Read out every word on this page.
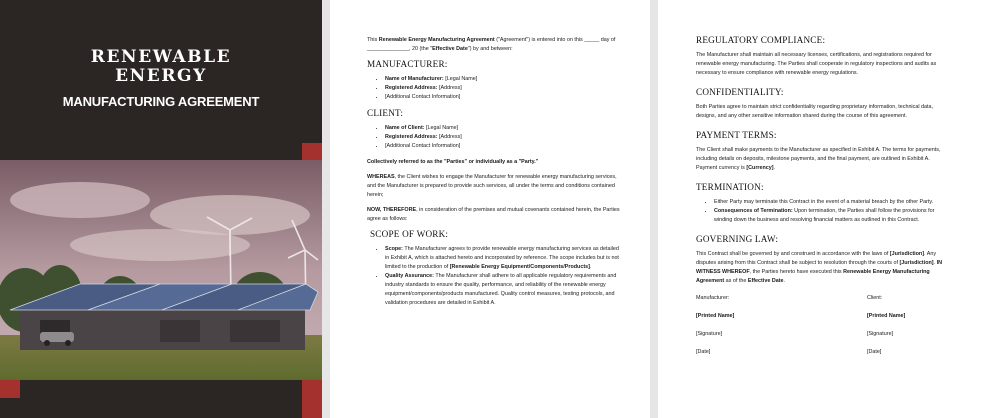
RENEWABLE
ENERGY
MANUFACTURING AGREEMENT

This Renewable Energy Manufacturing Agreement ("Agreement") is entered into on this _____ day of ______________, 20 (the "Effective Date") by and between:

MANUFACTURER:
• Name of Manufacturer: [Legal Name]
• Registered Address: [Address]
• [Additional Contact Information]
CLIENT:
• Name of Client: [Legal Name]
• Registered Address: [Address]
• [Additional Contact Information]

Collectively referred to as the "Parties" or individually as a "Party."

WHEREAS, the Client wishes to engage the Manufacturer for renewable energy manufacturing services, and the Manufacturer is prepared to provide such services, all under the terms and conditions contained herein;

NOW, THEREFORE, in consideration of the premises and mutual covenants contained herein, the Parties agree as follows:

SCOPE OF WORK:
• Scope: The Manufacturer agrees to provide renewable energy manufacturing services as detailed in Exhibit A, which is attached hereto and incorporated by reference. The scope includes but is not limited to the production of [Renewable Energy Equipment/Components/Products].
• Quality Assurance: The Manufacturer shall adhere to all applicable regulatory requirements and industry standards to ensure the quality, performance, and reliability of the renewable energy equipment/components/products manufactured. Quality control measures, testing protocols, and validation procedures are detailed in Exhibit A.
REGULATORY COMPLIANCE:

The Manufacturer shall maintain all necessary licenses, certifications, and registrations required for renewable energy manufacturing. The Parties shall cooperate in regulatory inspections and audits as necessary to ensure compliance with renewable energy regulations.

CONFIDENTIALITY:

Both Parties agree to maintain strict confidentiality regarding proprietary information, technical data, designs, and any other sensitive information shared during the course of this agreement.

PAYMENT TERMS:

The Client shall make payments to the Manufacturer as specified in Exhibit A. The terms for payments, including details on deposits, milestone payments, and the final payment, are outlined in Exhibit A. Payment currency is [Currency].

TERMINATION:
• Either Party may terminate this Contract in the event of a material breach by the other Party.
• Consequences of Termination: Upon termination, the Parties shall follow the provisions for winding down the business and resolving financial matters as outlined in this Contract.
GOVERNING LAW:

This Contract shall be governed by and construed in accordance with the laws of [Jurisdiction]. Any disputes arising from this Contract shall be subject to resolution through the courts of [Jurisdiction]. IN WITNESS WHEREOF, the Parties hereto have executed this Renewable Energy Manufacturing Agreement as of the Effective Date.

Manufacturer:
[Printed Name]
[Signature]
[Date]
Client:
[Printed Name]
[Signature]
[Date]
